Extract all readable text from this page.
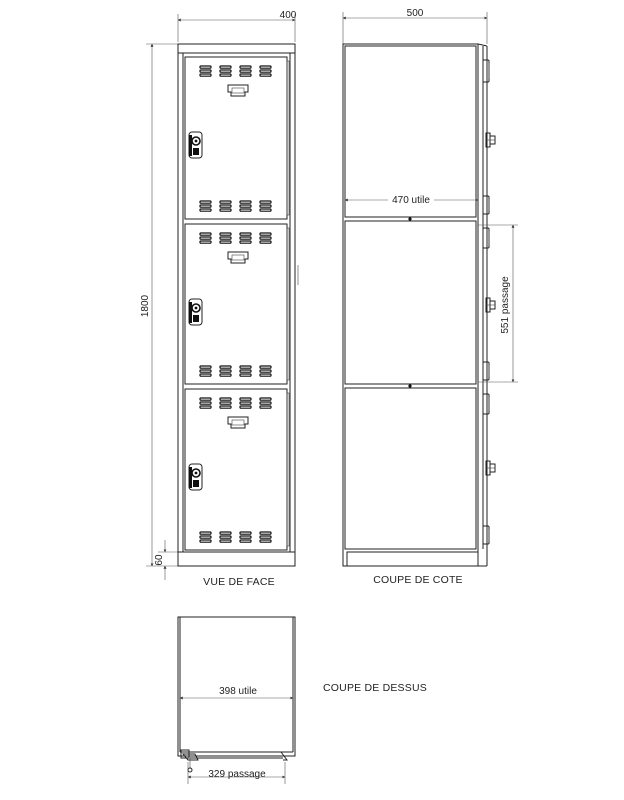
400
1800
60
VUE DE FACE
500
470 utile
551 passage
COUPE DE COTE
398 utile
329 passage
COUPE DE DESSUS
